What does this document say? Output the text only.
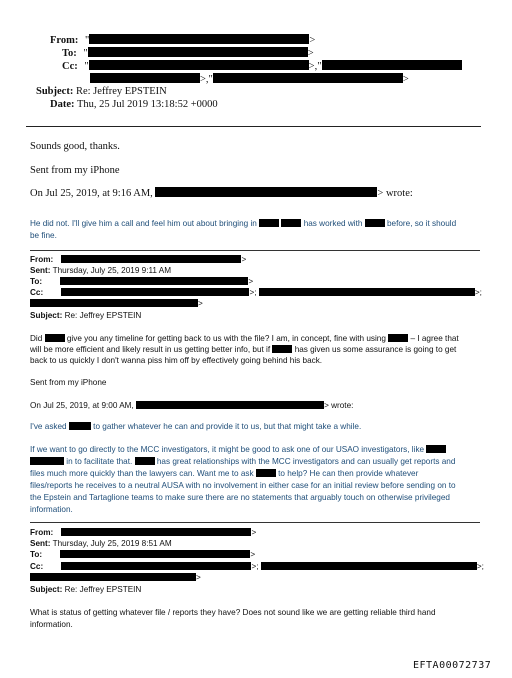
From: "	>
To: "	>
Cc: "	>,"
>,"	>
Subject: Re: Jeffrey EPSTEIN
Date: Thu, 25 Jul 2019 13:18:52 +0000
Sounds good, thanks.
Sent from my iPhone
On Jul 25, 2019, at 9:16 AM,	> wrote:
He did not. I'll give him a call and feel him out about bringing in	has worked with	before, so it should
be fine.
From:	>
Sent: Thursday, July 25, 2019 9:11 AM
To:	>
Cc:	>;	>;
>
Subject: Re: Jeffrey EPSTEIN
Did	give you any timeline for getting back to us with the file? I am, in concept, fine with using	– I agree that
will be more efficient and likely result in us getting better info, but if	has given us some assurance is going to get
back to us quickly I don't wanna piss him off by effectively going behind his back.
Sent from my iPhone
On Jul 25, 2019, at 9:00 AM,	> wrote:
I've asked	to gather whatever he can and provide it to us, but that might take a while.
If we want to go directly to the MCC investigators, it might be good to ask one of our USAO investigators, like
in to facilitate that.	has great relationships with the MCC investigators and can usually get reports and
files much more quickly than the lawyers can. Want me to ask	to help? He can then provide whatever
files/reports he receives to a neutral AUSA with no involvement in either case for an initial review before sending on to
the Epstein and Tartaglione teams to make sure there are no statements that arguably touch on otherwise privileged
information.
From:	>
Sent: Thursday, July 25, 2019 8:51 AM
To:	>
Cc:	>;	>;
>
Subject: Re: Jeffrey EPSTEIN
What is status of getting whatever file / reports they have? Does not sound like we are getting reliable third hand
information.
EFTA00072737
